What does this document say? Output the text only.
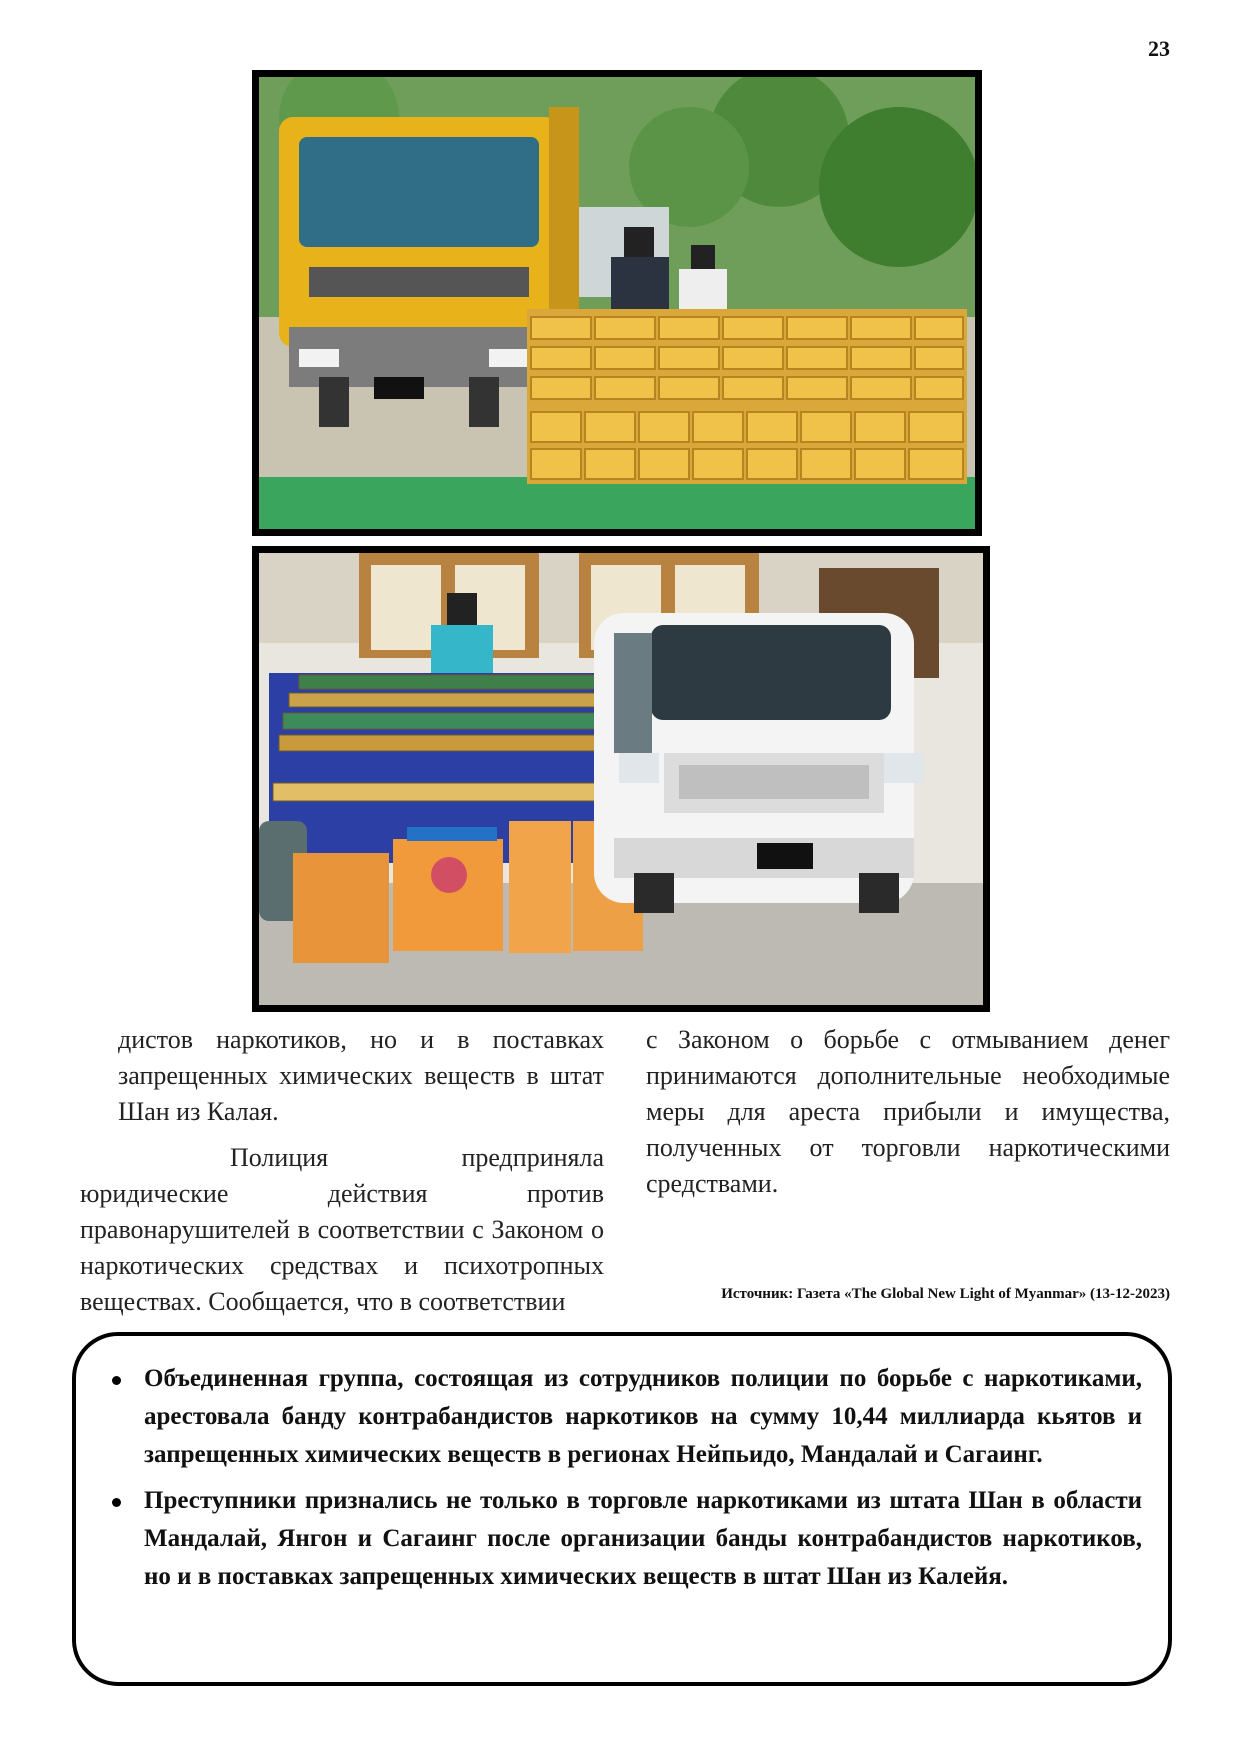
23

дистов наркотиков, но и в поставках запрещенных химических веществ в штат Шан из Калая.

Полиция предприняла юридические действия против правонарушителей в соответствии с Законом о наркотических средствах и психотропных веществах. Сообщается, что в соответствии

с Законом о борьбе с отмыванием денег принимаются дополнительные необходимые меры для ареста прибыли и имущества, полученных от торговли наркотическими средствами.

Источник: Газета «The Global New Light of Myanmar» (13-12-2023)
Объединенная группа, состоящая из сотрудников полиции по борьбе с наркотиками, арестовала банду контрабандистов наркотиков на сумму 10,44 миллиарда кьятов и запрещенных химических веществ в регионах Нейпьидо, Мандалай и Сагаинг.
Преступники признались не только в торговле наркотиками из штата Шан в области Мандалай, Янгон и Сагаинг после организации банды контрабандистов наркотиков, но и в поставках запрещенных химических веществ в штат Шан из Калейя.
